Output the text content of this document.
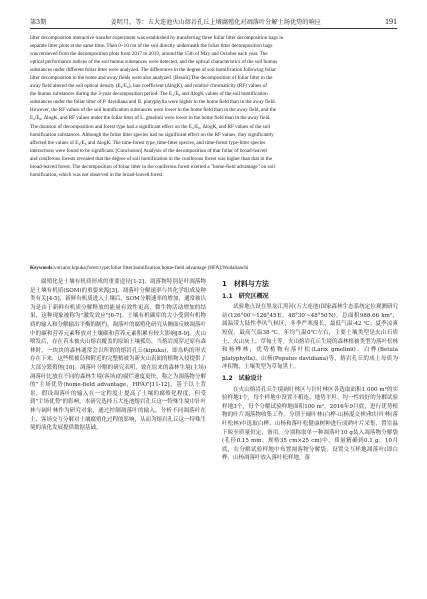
第3期	姜明月，等：五大连池火山熔岩孔丘上壤腐殖化对凋落叶分解土场优势的响应	191

litter decomposition interactive transfer experiment was established by transferring three foliar litter decomposition bags in

separate litter plots at the same time. Then 0~10 cm of the soil directly underneath the foliar litter decomposition bags

was retrieved from the decomposition plots from 2017 to 2019, around the 15th of May and October each year. The

optical performance indices of the soil humus substances were detected, and the optical characteristics of the soil humus

substances under different foliar litter were analyzed. The differences in the degree of soil humification following foliar

litter decomposition in the home and away fields were also analyzed. [Result] The decomposition of foliar litter in the

away field altered the soil optical density (E₄/E₆), hue coefficient (ΔlogK), and relative chromaticity (RF) values of

the humus substances during the 3-year decomposition period. The E₄/E₆ and ΔlogK values of the soil humification

substances under the foliar litter of P. davidiana and B. platyphylla were higher in the home field than in the away field.

However, the RF values of the soil humification substances were lower in the home field than in the away field, and the

E₄/E₆, ΔlogK, and RF values under the foliar litter of L. gmelinii were lower in the home field than in the away field.

The duration of decomposition and forest type had a significant effect on the E₄/E₆, ΔlogK, and RF values of the soil

humification substances. Although the foliar litter species had no significant effect on the RF values, they significantly

affected the values of E₄/E₆ and ΔlogK. The time-forest type, time-litter species, and time-forest type-litter species

interactions were found to be significant. [Conclusion] Analysis of the decomposition of that foliar of broad-leaved

and coniferous forests revealed that the degree of soil humification in the coniferous forest was higher than that in the

broad-leaved forest. The decomposition of foliar litter in the coniferous forest exerted a "home-field advantage" on soil

humification, which was not observed in the broad-leaved forest.

Keywords:volcano;kipuka;forest type;foliar litter;humification;home-field advantage (HFA);Wudalianchi

腐殖化是土壤有机质形成的重要途径[1-2]，凋落物特别是叶凋落物是土壤有机质(SOM)的重要来源[3]。凋落叶分解速率与其化学组成及种类有关[4-5]，新鲜有机质进入土壤后，SOM分解速率的增加，通常被认为是由于新鲜有机质分解释放的能量有效性更高，微生物活动增加的结果，这种现象被称为"激发效应"[6-7]。土壤有机碳库的大小受到有机物质的输入和分解输出平衡的制约，凋落叶的腐殖化研究从侧面反映凋落叶中的碳和营养元素释放对土壤碳和营养元素积累有较大影响[8-9]。火山喷发后，存在着未被火山熔岩覆盖的原始土壤孤岛，当熔岩流穿过原有森林时，一块块的森林通常会以所谓的熔岩孔丘(kipuka)，即岛屿的形式存在下来，这些植被岛和附近的完整植被为新火山表面的植物入侵提供了大部分繁殖体[10]。凋落叶分解的研究表明，致在原来的森林生境(主场)凋落叶比放在不同的森林生境(客场)的腐烂速度更快，称之为凋落物分解的"主场优势(home-field advantage，HFA)"[11-12]。基于以上背景，假设凋落叶的输入在一定程度上提高了土壤的腐殖化程度，但受到"主场优势"的影响，本研究选择五大连池熔岩孔丘这一特殊生境中针叶林与阔叶林作为研究对象，通过控制凋落叶的输入，分析不同凋落叶在主、客场交互分解对土壤腐殖化过程的影响，从而为熔岩孔丘这一特殊生境的演化发展提供数据基础。

1　材料与方法
1.1　研究区概况

试验地点设在黑龙江黑河(五大连池)国家森林生态系统定位观测研究站(126°00′~126°45′E，48°30′~48°50′N)，总面积988.66 km²，属温带大陆性季风气候区，冬季严寒漫长，最低气温-42 ℃；夏季凉爽短促，最高气温38 ℃。年均气温0℃左右，主要土壤类型是火山石质土、火山灰土，草甸土等。火山熔岩孔丘生境的森林植被类型为落叶松林和杨桦林，优势植物有落叶松(Larix gmelinii)、白桦(Betula platyphylla)、山杨(Populus davidiana)等，熔岩孔丘的成土母质为冲积物，土壤类型为草甸黑土。

1.2　试验设计

在火山熔岩孔丘生境阔叶林区与针叶林区各选取面积1 000 m²的实验样地1个，每个样地中设置不相连、地势平坦、均一性较好的分解试验样地3个，每个分解试验样地面积100 m²。2016年9月底，进行优势植物的叶片凋落物收集工作。分别于阔叶林(白桦-山杨混交林)和针叶林(落叶松林)中选取白桦、山杨和落叶松健康树种进行成熟叶片采集，置室温下晾至质量恒定，备用。分别称取单一种凋落叶10 g装入凋落物分解袋(孔径0.15 mm，规格35 cm×25 cm)中，质量精确到0.1 g，10月底，在分解试验样地中布置凋落物分解袋，设置交互样地凋落叶(即白桦、山杨凋落叶放入落叶松样地，落
